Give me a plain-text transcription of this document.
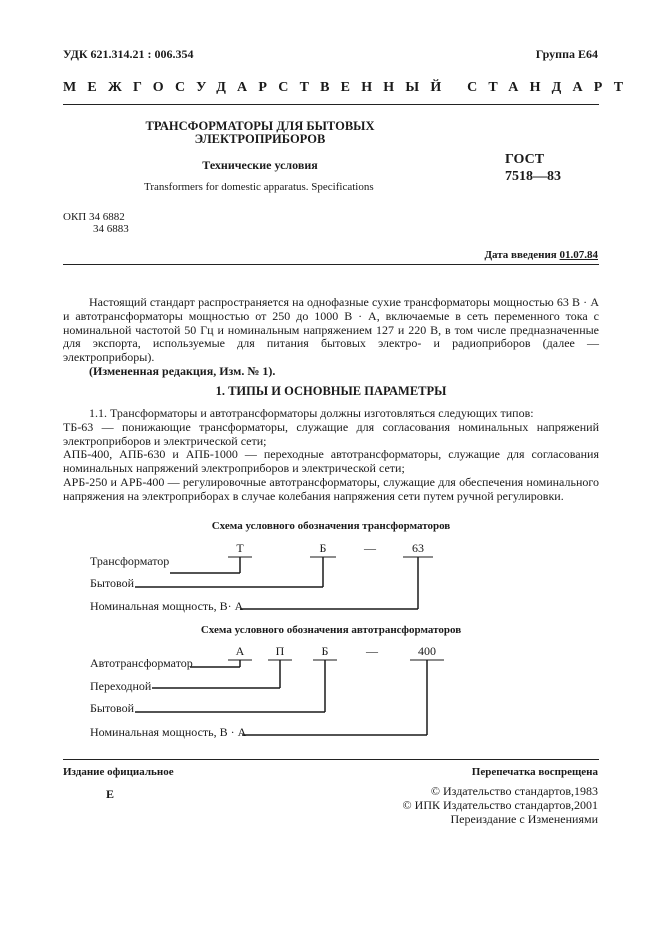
УДК 621.314.21 : 006.354	Группа Е64
МЕЖГОСУДАРСТВЕННЫЙ СТАНДАРТ
ТРАНСФОРМАТОРЫ ДЛЯ БЫТОВЫХ
ЭЛЕКТРОПРИБОРОВ
Технические условия
Transformers for domestic apparatus. Specifications
ГОСТ
7518—83
ОКП 34 6882
34 6883
Дата введения 01.07.84

Настоящий стандарт распространяется на однофазные сухие трансформаторы мощностью 63 В · А и автотрансформаторы мощностью от 250 до 1000 В · А, включаемые в сеть переменного тока с номинальной частотой 50 Гц и номинальным напряжением 127 и 220 В, в том числе предназначенные для экспорта, используемые для питания бытовых электро- и радиоприборов (далее — электроприборы).

(Измененная редакция, Изм. № 1).

1. ТИПЫ И ОСНОВНЫЕ ПАРАМЕТРЫ

1.1. Трансформаторы и автотрансформаторы должны изготовляться следующих типов:

ТБ-63 — понижающие трансформаторы, служащие для согласования номинальных напряжений электроприборов и электрической сети;

АПБ-400, АПБ-630 и АПБ-1000 — переходные автотрансформаторы, служащие для согласования номинальных напряжений электроприборов и электрической сети;

АРБ-250 и АРБ-400 — регулировочные автотрансформаторы, служащие для обеспечения номинального напряжения на электроприборах в случае колебания напряжения сети путем ручной регулировки.

Схема условного обозначения трансформаторов
Т	Б	—	63
Трансформатор
Бытовой
Номинальная мощность, В· А
Схема условного обозначения автотрансформаторов
А	П	Б	—	400
Автотрансформатор
Переходной
Бытовой
Номинальная мощность, В · А
Издание официальное	Перепечатка воспрещена
Е	© Издательство стандартов,1983
© ИПК Издательство стандартов,2001
Переиздание с Изменениями
